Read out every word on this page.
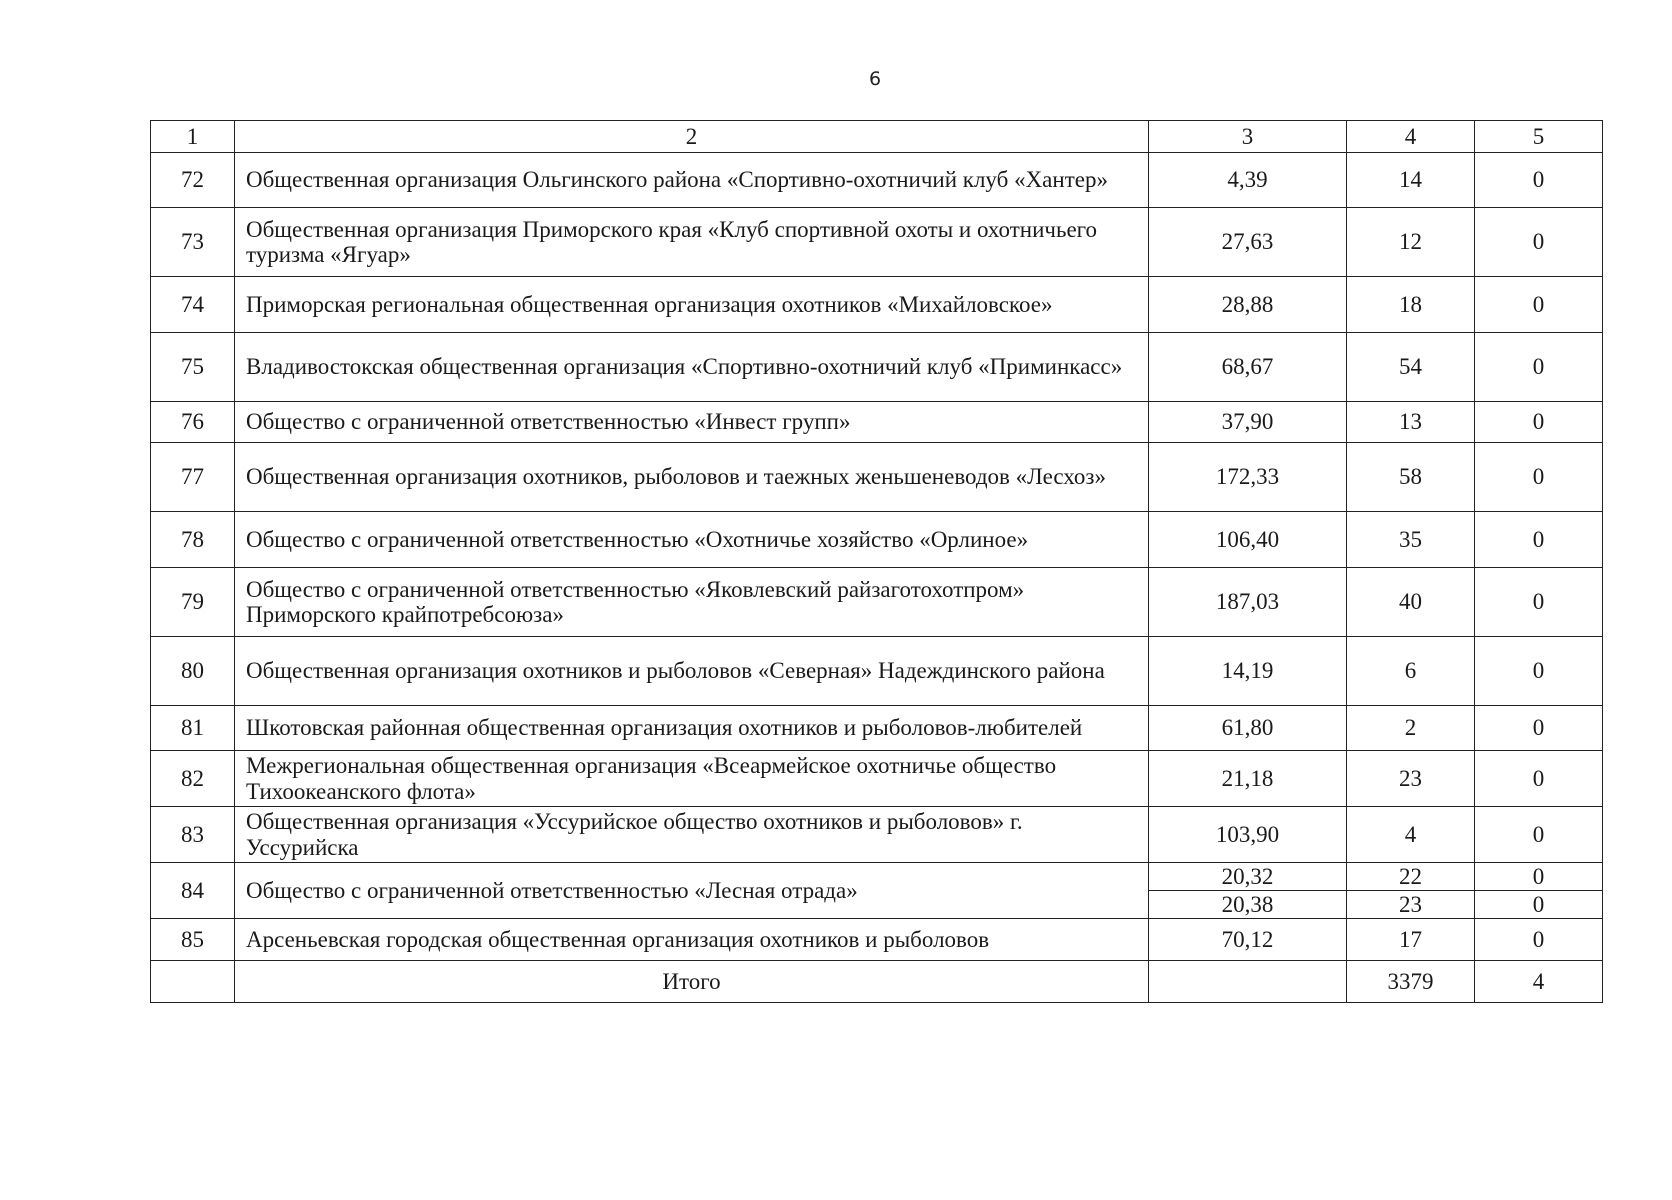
6
1	2	3	4	5
72	Общественная организация Ольгинского района «Спортивно-охотничий клуб «Хантер»	4,39	14	0
73	Общественная организация Приморского края «Клуб спортивной охоты и охотничьего туризма «Ягуар»	27,63	12	0
74	Приморская региональная общественная организация охотников «Михайловское»	28,88	18	0
75	Владивостокская общественная организация «Спортивно-охотничий клуб «Приминкасс»	68,67	54	0
76	Общество с ограниченной ответственностью «Инвест групп»	37,90	13	0
77	Общественная организация охотников, рыболовов и таежных женьшеневодов «Лесхоз»	172,33	58	0
78	Общество с ограниченной ответственностью «Охотничье хозяйство «Орлиное»	106,40	35	0
79	Общество с ограниченной ответственностью «Яковлевский райзаготохотпром» Приморского крайпотребсоюза»	187,03	40	0
80	Общественная организация охотников и рыболовов «Северная» Надеждинского района	14,19	6	0
81	Шкотовская районная общественная организация охотников и рыболовов-любителей	61,80	2	0
82	Межрегиональная общественная организация «Всеармейское охотничье общество Тихоокеанского флота»	21,18	23	0
83	Общественная организация «Уссурийское общество охотников и рыболовов» г. Уссурийска	103,90	4	0
84	Общество с ограниченной ответственностью «Лесная отрада»	20,32	22	0
		20,38	23	0
85	Арсеньевская городская общественная организация охотников и рыболовов	70,12	17	0
	Итого		3379	4
